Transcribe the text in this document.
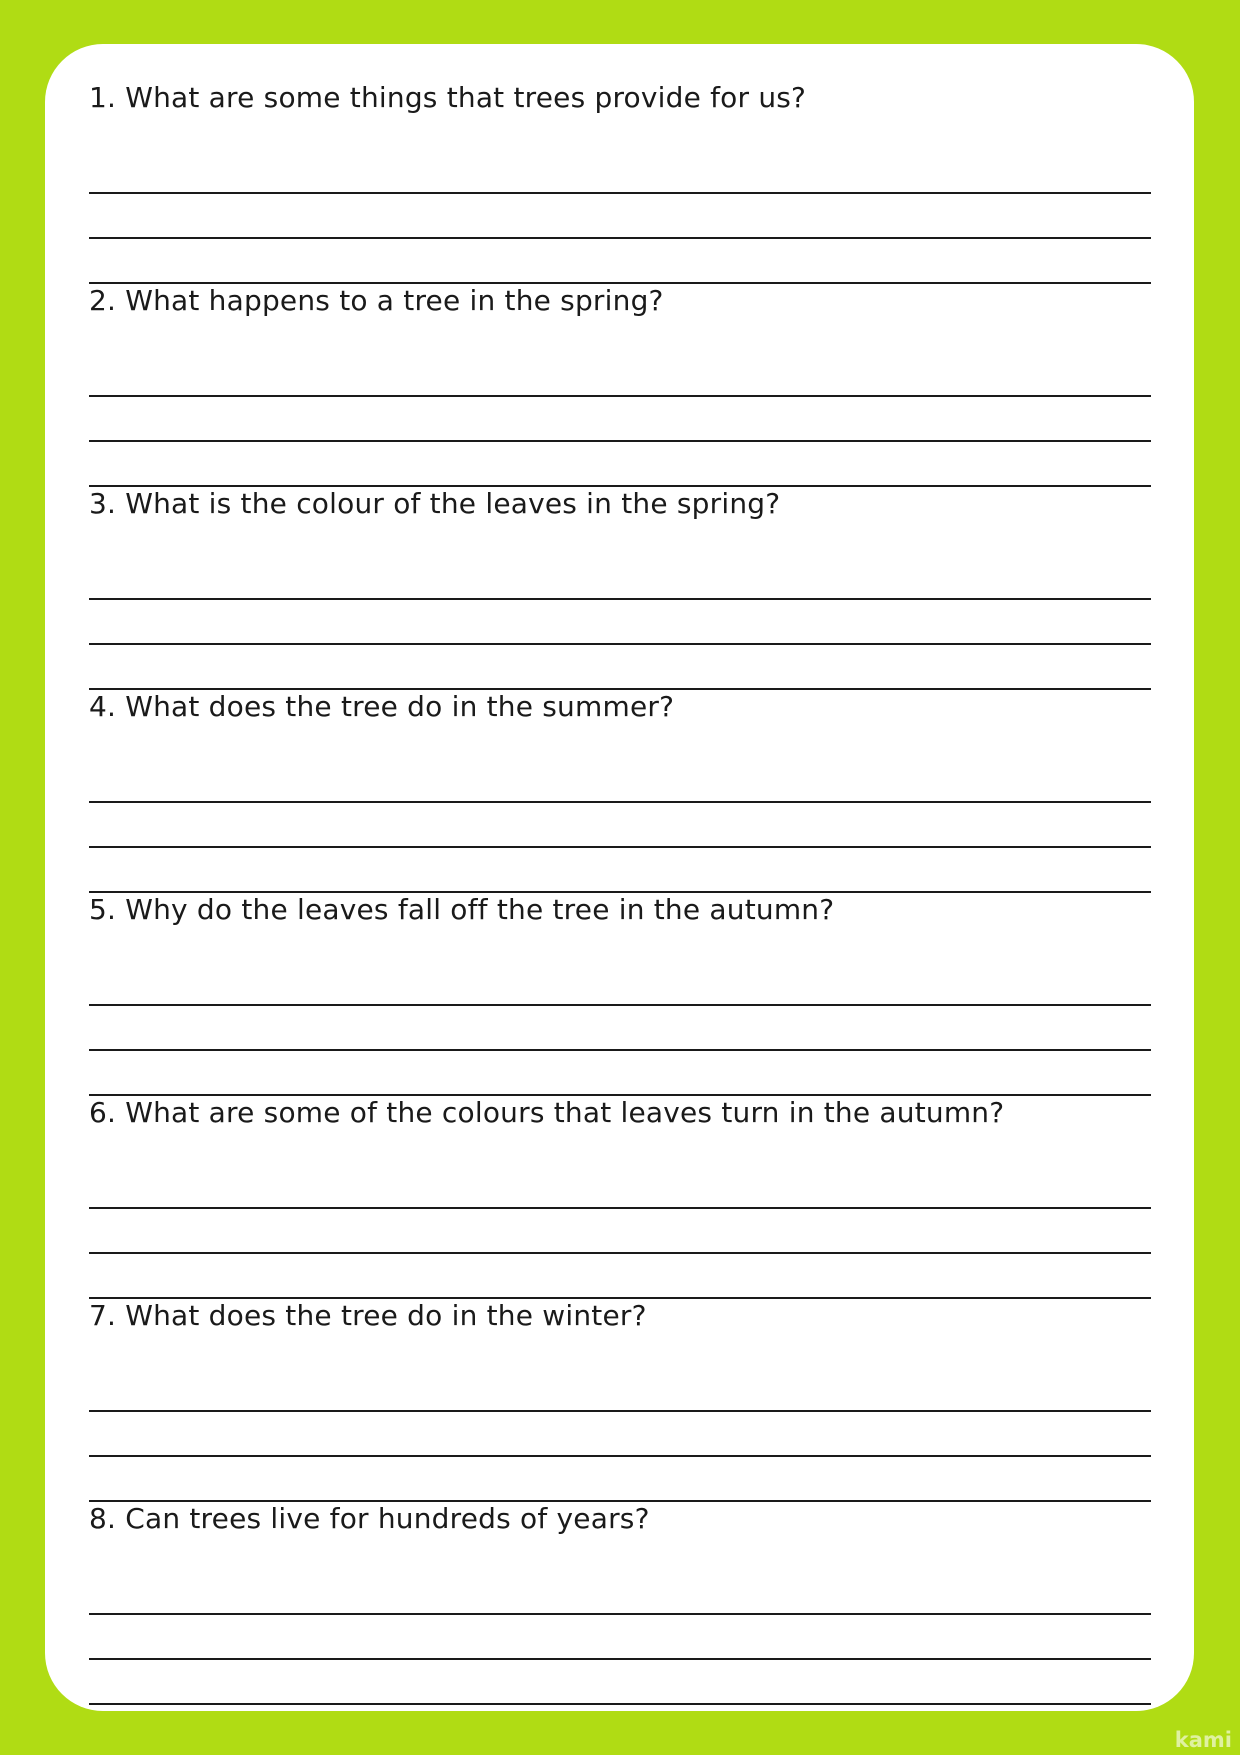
1. What are some things that trees provide for us?

2. What happens to a tree in the spring?

3. What is the colour of the leaves in the spring?

4. What does the tree do in the summer?

5. Why do the leaves fall off the tree in the autumn?

6. What are some of the colours that leaves turn in the autumn?

7. What does the tree do in the winter?

8. Can trees live for hundreds of years?

kami
